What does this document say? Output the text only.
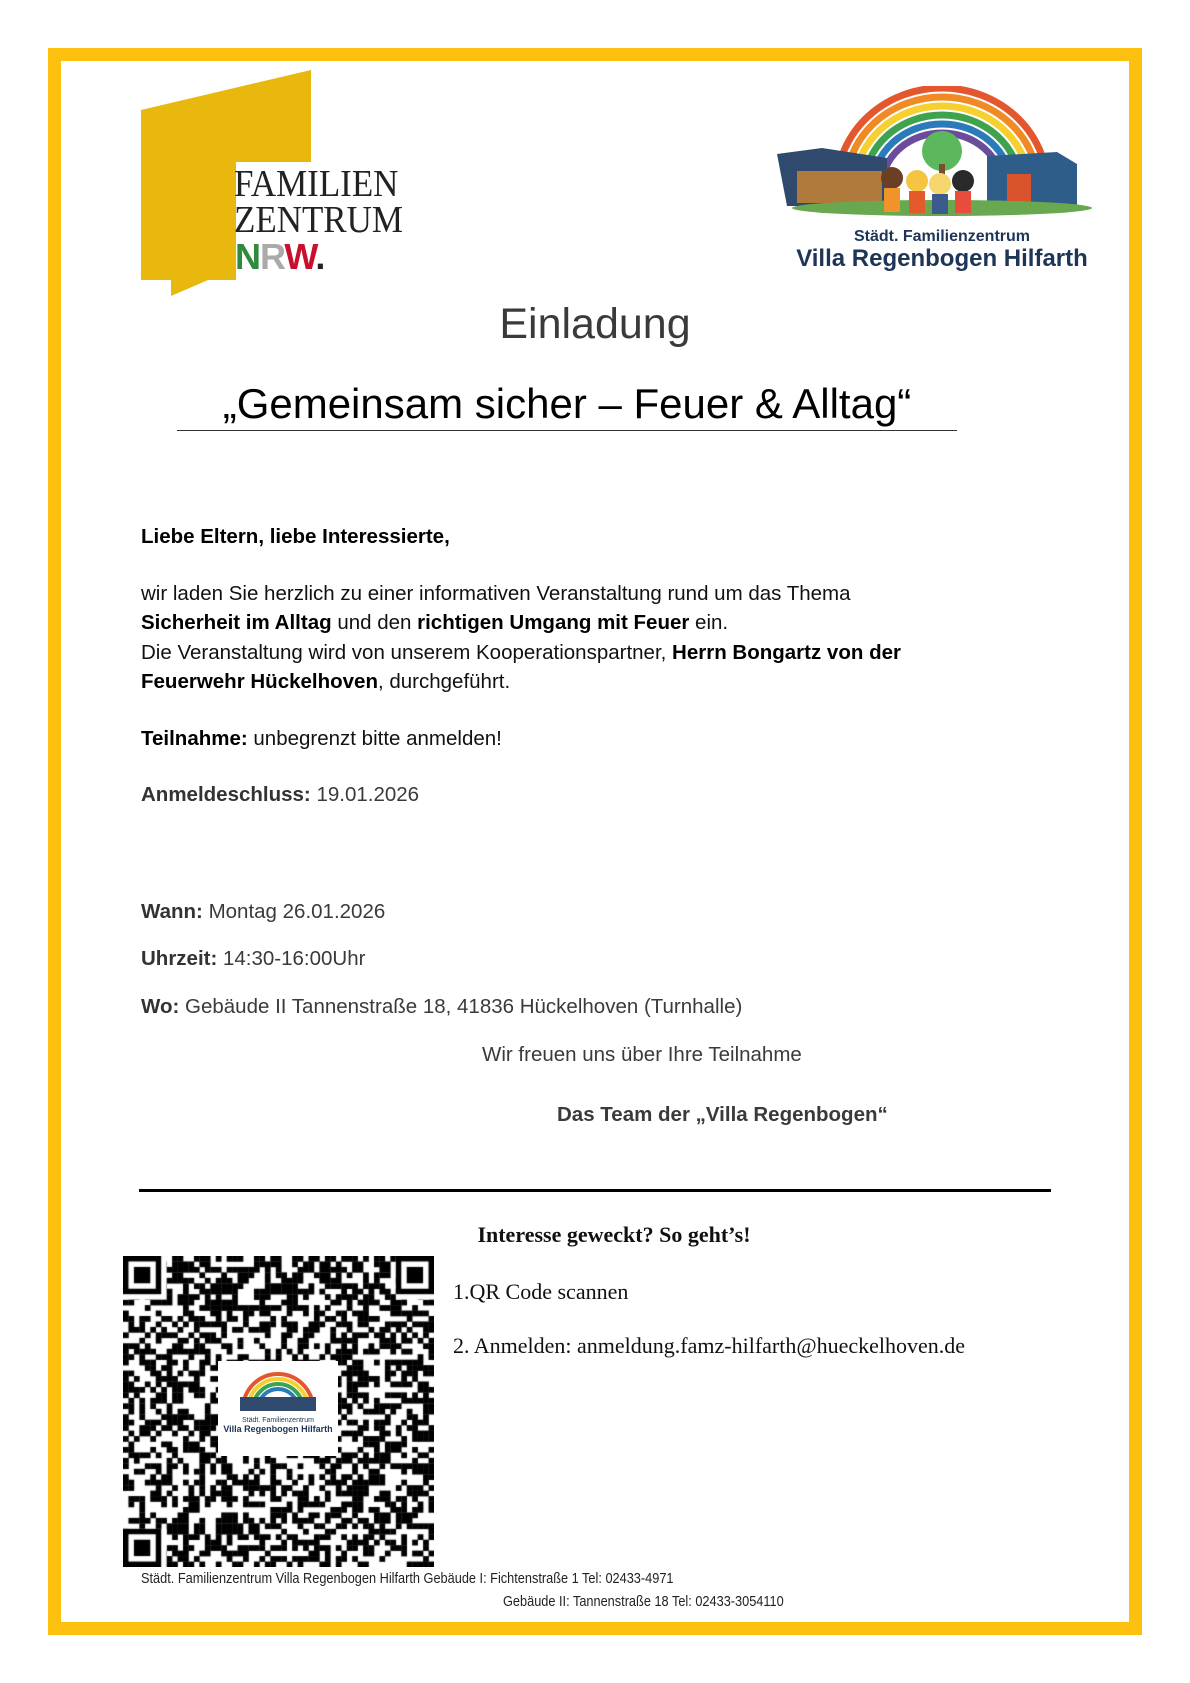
FAMILIEN
ZENTRUM
NRW.	Städt. Familienzentrum
Villa Regenbogen Hilfarth
Einladung
„Gemeinsam sicher – Feuer & Alltag“
Liebe Eltern, liebe Interessierte,
wir laden Sie herzlich zu einer informativen Veranstaltung rund um das Thema
Sicherheit im Alltag und den richtigen Umgang mit Feuer ein.
Die Veranstaltung wird von unserem Kooperationspartner, Herrn Bongartz von der
Feuerwehr Hückelhoven, durchgeführt.
Teilnahme: unbegrenzt bitte anmelden!
Anmeldeschluss: 19.01.2026
Wann: Montag 26.01.2026
Uhrzeit: 14:30-16:00Uhr
Wo: Gebäude II Tannenstraße 18, 41836 Hückelhoven (Turnhalle)
Wir freuen uns über Ihre Teilnahme
Das Team der „Villa Regenbogen“
Interesse geweckt? So geht’s!
Städt. Familienzentrum
Villa Regenbogen Hilfarth
1.QR Code scannen
2. Anmelden: anmeldung.famz-hilfarth@hueckelhoven.de
Städt. Familienzentrum Villa Regenbogen Hilfarth Gebäude I: Fichtenstraße 1 Tel: 02433-4971
Gebäude II: Tannenstraße 18 Tel: 02433-3054110
